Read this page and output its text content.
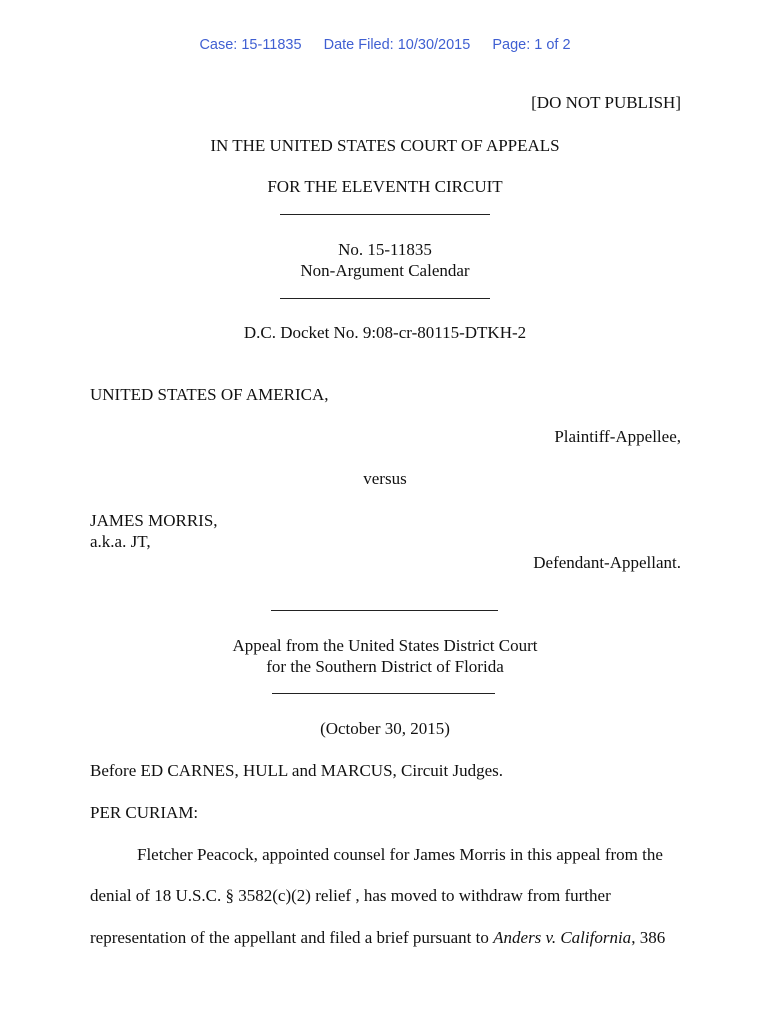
Case: 15-11835 Date Filed: 10/30/2015 Page: 1 of 2
[DO NOT PUBLISH]
IN THE UNITED STATES COURT OF APPEALS
FOR THE ELEVENTH CIRCUIT
No. 15-11835
Non-Argument Calendar
D.C. Docket No. 9:08-cr-80115-DTKH-2
UNITED STATES OF AMERICA,
Plaintiff-Appellee,
versus
JAMES MORRIS,
a.k.a. JT,
Defendant-Appellant.
Appeal from the United States District Court
for the Southern District of Florida
(October 30, 2015)
Before ED CARNES, HULL and MARCUS, Circuit Judges.
PER CURIAM:
Fletcher Peacock, appointed counsel for James Morris in this appeal from the
denial of 18 U.S.C. § 3582(c)(2) relief , has moved to withdraw from further
representation of the appellant and filed a brief pursuant to Anders v. California, 386
